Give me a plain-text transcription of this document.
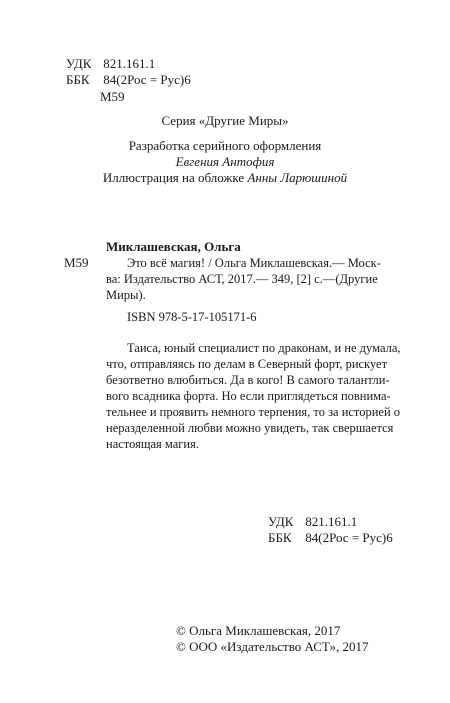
УДК 821.161.1
ББК 84(2Рос = Рус)6
М59
Серия «Другие Миры»
Разработка серийного оформления
Евгения Антофия
Иллюстрация на обложке Анны Ларюшиной
Миклашевская, Ольга
М59	Это всё магия! / Ольга Миклашевская.— Моск-
ва: Издательство АСТ, 2017.— 349, [2] с.—(Другие
Миры).
ISBN 978-5-17-105171-6
Таиса, юный специалист по драконам, и не думала,
что, отправляясь по делам в Северный форт, рискует
безответно влюбиться. Да в кого! В самого талантли-
вого всадника форта. Но если приглядеться повнима-
тельнее и проявить немного терпения, то за историей о
неразделенной любви можно увидеть, так свершается
настоящая магия.
УДК 821.161.1
ББК 84(2Рос = Рус)6
© Ольга Миклашевская, 2017
© ООО «Издательство АСТ», 2017
